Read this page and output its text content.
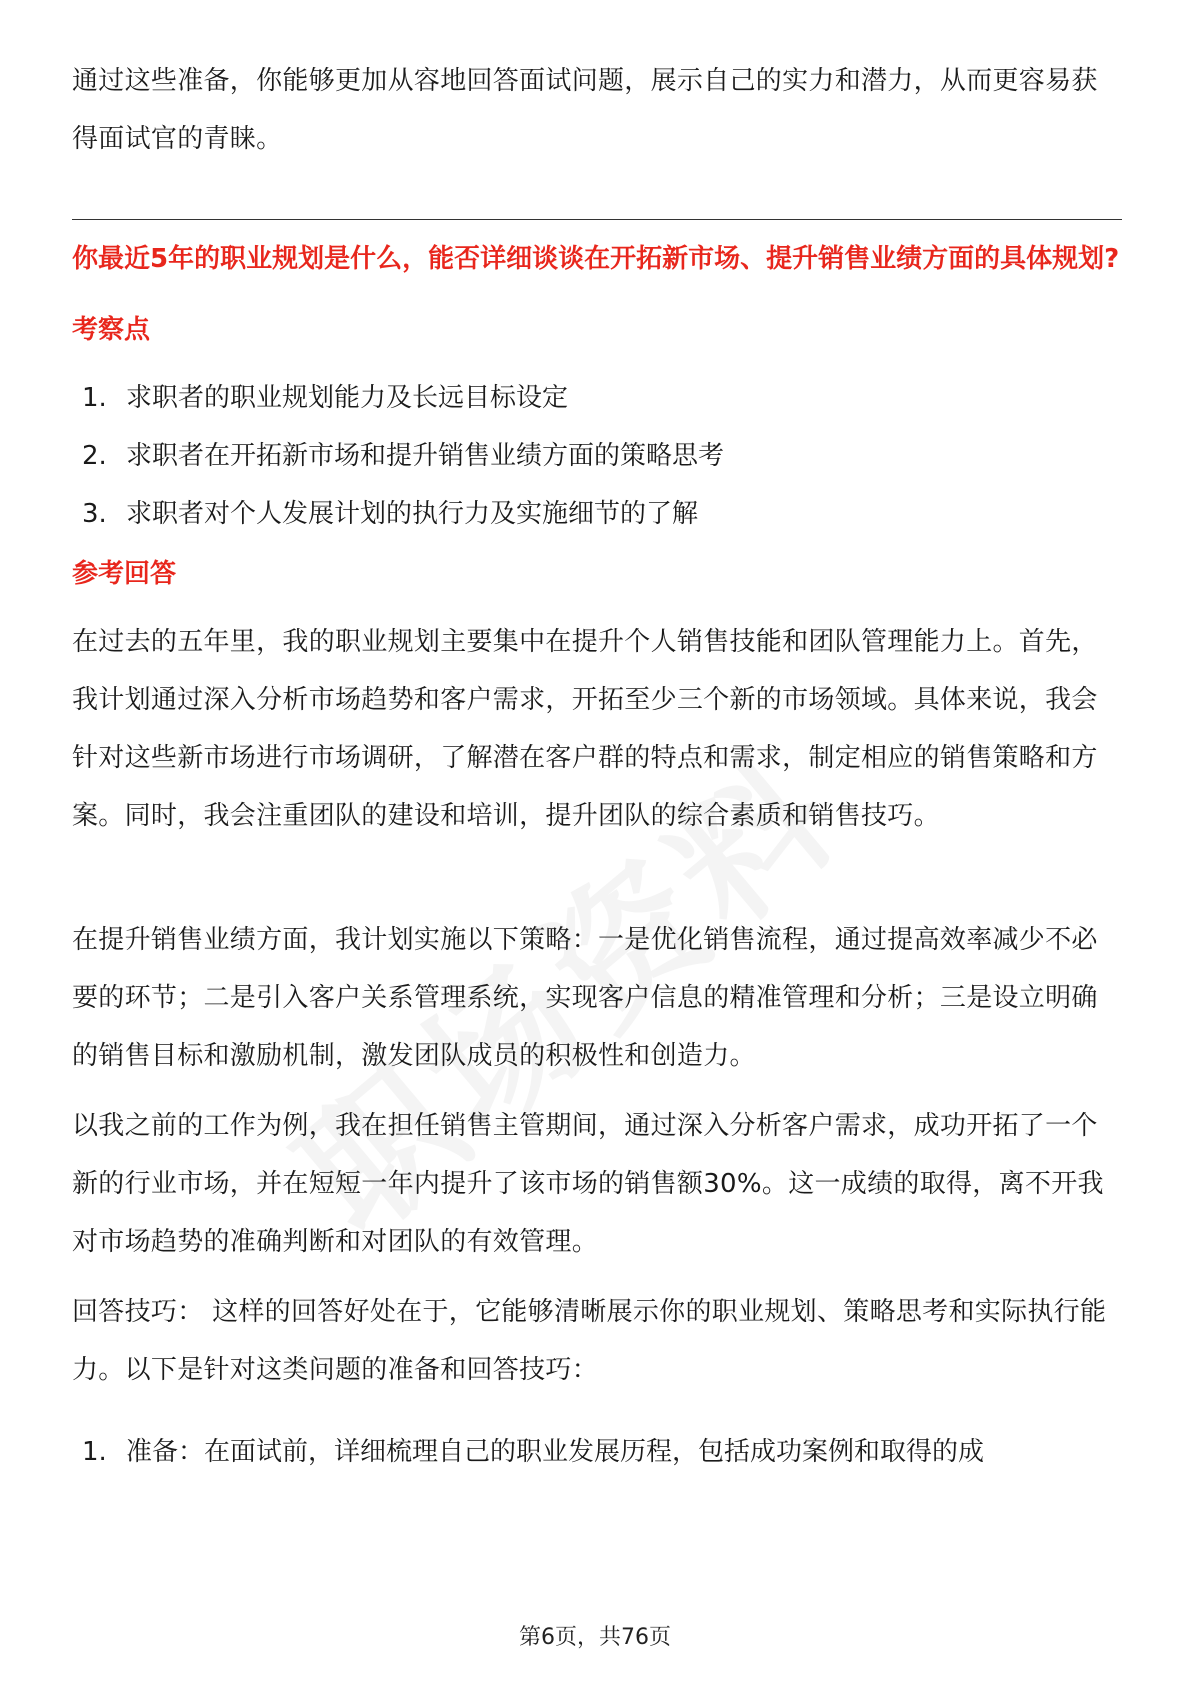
通过这些准备，你能够更加从容地回答面试问题，展示自己的实力和潜力，从而更容易获得面试官的青睐。

你最近5年的职业规划是什么，能否详细谈谈在开拓新市场、提升销售业绩方面的具体规划?

考察点
1. 求职者的职业规划能力及长远目标设定
2. 求职者在开拓新市场和提升销售业绩方面的策略思考
3. 求职者对个人发展计划的执行力及实施细节的了解
参考回答

在过去的五年里，我的职业规划主要集中在提升个人销售技能和团队管理能力上。首先，我计划通过深入分析市场趋势和客户需求，开拓至少三个新的市场领域。具体来说，我会针对这些新市场进行市场调研，了解潜在客户群的特点和需求，制定相应的销售策略和方案。同时，我会注重团队的建设和培训，提升团队的综合素质和销售技巧。

在提升销售业绩方面，我计划实施以下策略：一是优化销售流程，通过提高效率减少不必要的环节；二是引入客户关系管理系统，实现客户信息的精准管理和分析；三是设立明确的销售目标和激励机制，激发团队成员的积极性和创造力。

以我之前的工作为例，我在担任销售主管期间，通过深入分析客户需求，成功开拓了一个新的行业市场，并在短短一年内提升了该市场的销售额30%。这一成绩的取得，离不开我对市场趋势的准确判断和对团队的有效管理。

回答技巧： 这样的回答好处在于，它能够清晰展示你的职业规划、策略思考和实际执行能力。以下是针对这类问题的准备和回答技巧：

1. 准备：在面试前，详细梳理自己的职业发展历程，包括成功案例和取得的成
第6页，共76页
